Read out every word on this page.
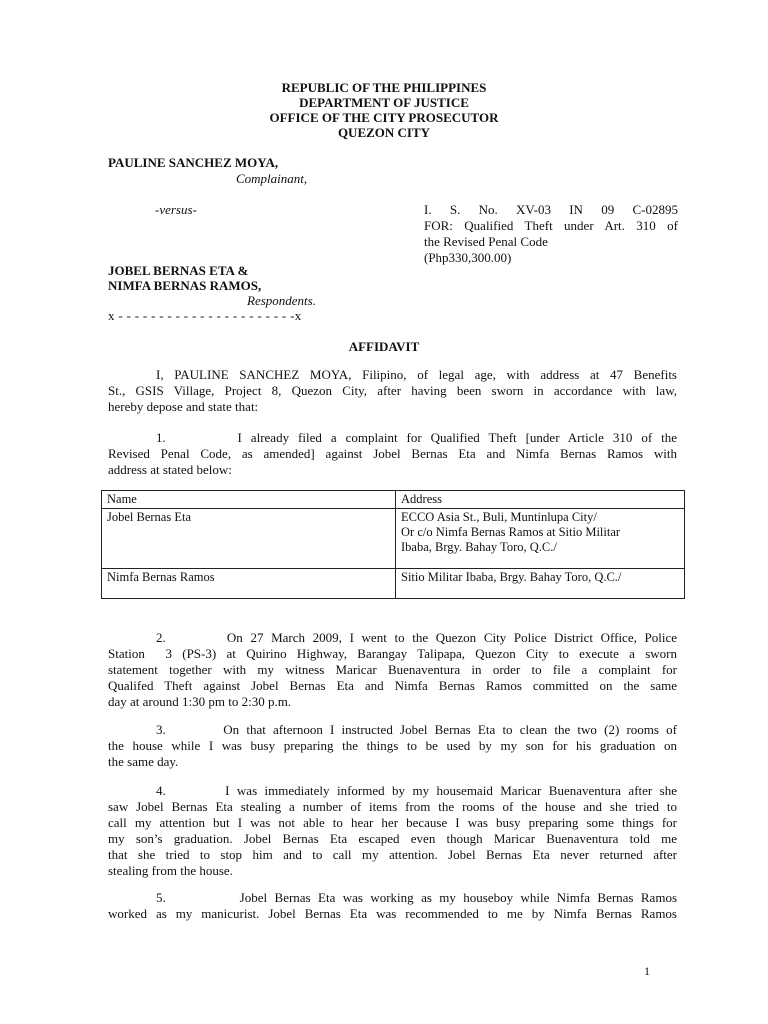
REPUBLIC OF THE PHILIPPINES
DEPARTMENT OF JUSTICE
OFFICE OF THE CITY PROSECUTOR
QUEZON CITY
PAULINE SANCHEZ MOYA,
Complainant,
-versus-	I. S. No. XV-03 IN 09 C-02895
FOR: Qualified Theft under Art. 310 of
the Revised Penal Code
(Php330,300.00)
JOBEL BERNAS ETA &
NIMFA BERNAS RAMOS,
Respondents.
x - - - - - - - - - - - - - - - - - - - - - -x
AFFIDAVIT
I, PAULINE SANCHEZ MOYA, Filipino, of legal age, with address at 47 Benefits
St., GSIS Village, Project 8, Quezon City, after having been sworn in accordance with law,
hereby depose and state that:
1.        I already filed a complaint for Qualified Theft [under Article 310 of the
Revised Penal Code, as amended] against Jobel Bernas Eta and Nimfa Bernas Ramos with
address at stated below:
Name	Address
Jobel Bernas Eta	ECCO Asia St., Buli, Muntinlupa City/
Or c/o Nimfa Bernas Ramos at Sitio Militar
Ibaba, Brgy. Bahay Toro, Q.C./

Nimfa Bernas Ramos	Sitio Militar Ibaba, Brgy. Bahay Toro, Q.C./
2.        On 27 March 2009, I went to the Quezon City Police District Office, Police
Station  3 (PS-3) at Quirino Highway, Barangay Talipapa, Quezon City to execute a sworn
statement together with my witness Maricar Buenaventura in order to file a complaint for
Qualifed Theft against Jobel Bernas Eta and Nimfa Bernas Ramos committed on the same
day at around 1:30 pm to 2:30 p.m.
3.        On that afternoon I instructed Jobel Bernas Eta to clean the two (2) rooms of
the house while I was busy preparing the things to be used by my son for his graduation on
the same day.
4.        I was immediately informed by my housemaid Maricar Buenaventura after she
saw Jobel Bernas Eta stealing a number of items from the rooms of the house and she tried to
call my attention but I was not able to hear her because I was busy preparing some things for
my son’s graduation. Jobel Bernas Eta escaped even though Maricar Buenaventura told me
that she tried to stop him and to call my attention. Jobel Bernas Eta never returned after
stealing from the house.
5.          Jobel Bernas Eta was working as my houseboy while Nimfa Bernas Ramos
worked as my manicurist. Jobel Bernas Eta was recommended to me by Nimfa Bernas Ramos
1
